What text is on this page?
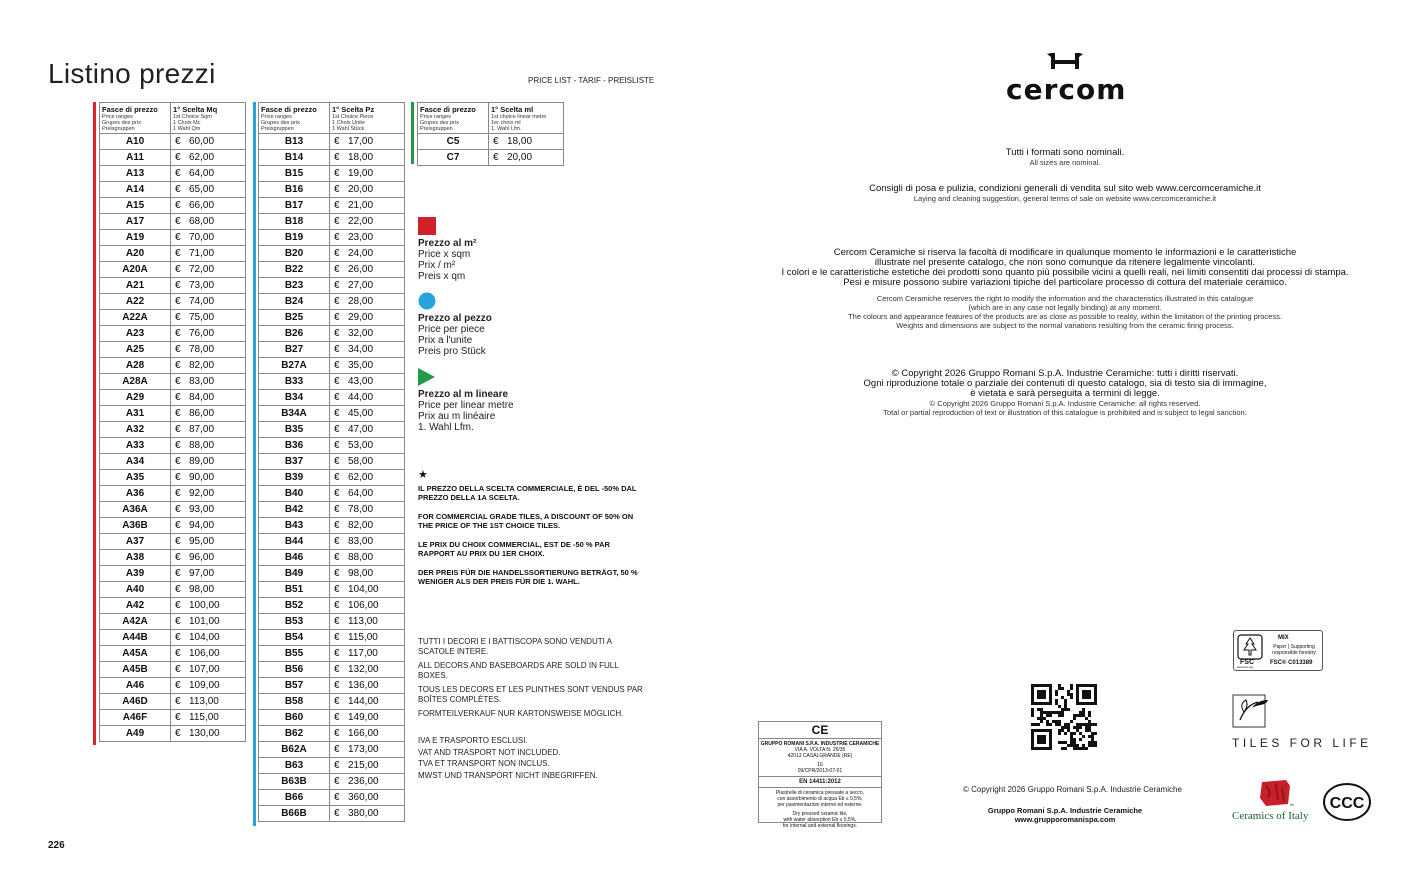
Listino prezzi	PRICE LIST - TARIF - PREISLISTE
226
Fasce di prezzo
Price ranges
Grupes des prix
Preisgruppen	1° Scelta Mq
1st Choice Sqm
1 Choix Mc
1 Wahl Qm

A10	€ 60,00
A11	€ 62,00
A13	€ 64,00
A14	€ 65,00
A15	€ 66,00
A17	€ 68,00
A19	€ 70,00
A20	€ 71,00
A20A	€ 72,00
A21	€ 73,00
A22	€ 74,00
A22A	€ 75,00
A23	€ 76,00
A25	€ 78,00
A28	€ 82,00
A28A	€ 83,00
A29	€ 84,00
A31	€ 86,00
A32	€ 87,00
A33	€ 88,00
A34	€ 89,00
A35	€ 90,00
A36	€ 92,00
A36A	€ 93,00
A36B	€ 94,00
A37	€ 95,00
A38	€ 96,00
A39	€ 97,00
A40	€ 98,00
A42	€ 100,00
A42A	€ 101,00
A44B	€ 104,00
A45A	€ 106,00
A45B	€ 107,00
A46	€ 109,00
A46D	€ 113,00
A46F	€ 115,00
A49	€ 130,00
Fasce di prezzo
Price ranges
Grupes des prix
Preisgruppen	1° Scelta Pz
1st Choice Piece
1 Choix Unite
1 Wahl Stück

B13	€ 17,00
B14	€ 18,00
B15	€ 19,00
B16	€ 20,00
B17	€ 21,00
B18	€ 22,00
B19	€ 23,00
B20	€ 24,00
B22	€ 26,00
B23	€ 27,00
B24	€ 28,00
B25	€ 29,00
B26	€ 32,00
B27	€ 34,00
B27A	€ 35,00
B33	€ 43,00
B34	€ 44,00
B34A	€ 45,00
B35	€ 47,00
B36	€ 53,00
B37	€ 58,00
B39	€ 62,00
B40	€ 64,00
B42	€ 78,00
B43	€ 82,00
B44	€ 83,00
B46	€ 88,00
B49	€ 98,00
B51	€ 104,00
B52	€ 106,00
B53	€ 113,00
B54	€ 115,00
B55	€ 117,00
B56	€ 132,00
B57	€ 136,00
B58	€ 144,00
B60	€ 149,00
B62	€ 166,00
B62A	€ 173,00
B63	€ 215,00
B63B	€ 236,00
B66	€ 360,00
B66B	€ 380,00
Fasce di prezzo
Price ranges
Grupes des prix
Preisgruppen	1° Scelta ml
1st choice linear metre
1er choix ml
1. Wahl Lfm.

C5	€ 18,00
C7	€ 20,00
Prezzo al m²
Price x sqm
Prix / m²
Preis x qm
Prezzo al pezzo
Price per piece
Prix a l'unite
Preis pro Stück
Prezzo al m lineare
Price per linear metre
Prix au m linéaire
1. Wahl Lfm.
★

IL PREZZO DELLA SCELTA COMMERCIALE, È DEL -50% DAL PREZZO DELLA 1A SCELTA.

FOR COMMERCIAL GRADE TILES, A DISCOUNT OF 50% ON THE PRICE OF THE 1ST CHOICE TILES.

LE PRIX DU CHOIX COMMERCIAL, EST DE -50 % PAR RAPPORT AU PRIX DU 1ER CHOIX.

DER PREIS FÜR DIE HANDELSSORTIERUNG BETRÄGT, 50 % WENIGER ALS DER PREIS FÜR DIE 1. WAHL.

TUTTI I DECORI E I BATTISCOPA SONO VENDUTI A SCATOLE INTERE.

ALL DECORS AND BASEBOARDS ARE SOLD IN FULL BOXES.

TOUS LES DECORS ET LES PLINTHES SONT VENDUS PAR BOÎTES COMPLÈTES.

FORMTEILVERKAUF NUR KARTONSWEISE MÖGLICH.

IVA E TRASPORTO ESCLUSI.
VAT AND TRASPORT NOT INCLUDED.
TVA ET TRANSPORT NON INCLUS.
MWST UND TRANSPORT NICHT INBEGRIFFEN.
cercom
Tutti i formati sono nominali.
All sizes are nominal.
Consigli di posa e pulizia, condizioni generali di vendita sul sito web www.cercomceramiche.it
Laying and cleaning suggestion, general terms of sale on website www.cercomceramiche.it
Cercom Ceramiche si riserva la facoltà di modificare in qualunque momento le informazioni e le caratteristiche
illustrate nel presente catalogo, che non sono comunque da ritenere legalmente vincolanti.
I colori e le caratteristiche estetiche dei prodotti sono quanto più possibile vicini a quelli reali, nei limiti consentiti dai processi di stampa.
Pesi e misure possono subire variazioni tipiche del particolare processo di cottura del materiale ceramico.
Cercom Ceramiche reserves the right to modify the information and the characteristics illustrated in this catalogue
(which are in any case not legally binding) at any moment.
The colours and appearance features of the products are as close as possible to reality, within the limitation of the printing process.
Weights and dimensions are subject to the normal variations resulting from the ceramic firing process.
© Copyright 2026 Gruppo Romani S.p.A. Industrie Ceramiche: tutti i diritti riservati.
Ogni riproduzione totale o parziale dei contenuti di questo catalogo, sia di testo sia di immagine,
è vietata e sarà perseguita a termini di legge.
© Copyright 2026 Gruppo Romani S.p.A. Industrie Ceramiche: all rights reserved.
Total or partial reproduction of text or illustration of this catalogue is prohibited and is subject to legal sanction.
CE
GRUPPO ROMANI S.P.A. INDUSTRIE CERAMICHE
VIA A. VOLTA N. 25/35
42013 CASALGRANDE (RE)
16
09/CPR/2013-07-01
EN 14411:2012
Piastrelle di ceramica pressate a secco,
con assorbimento di acqua Eb ≤ 0,5%,
per pavimentazioni interne ed esterne.
Dry pressed ceramic tile,
with water absorption Eb ≤ 0,5%,
for internal and external floorings.
© Copyright 2026 Gruppo Romani S.p.A. Industrie Ceramiche
Gruppo Romani S.p.A. Industrie Ceramiche
www.grupporomanispa.com
FSC
www.fsc.org
MIX
Paper | Supporting
responsible forestry
FSC® C013389
TILES FOR LIFE
,,
Ceramics of Italy
CCC
